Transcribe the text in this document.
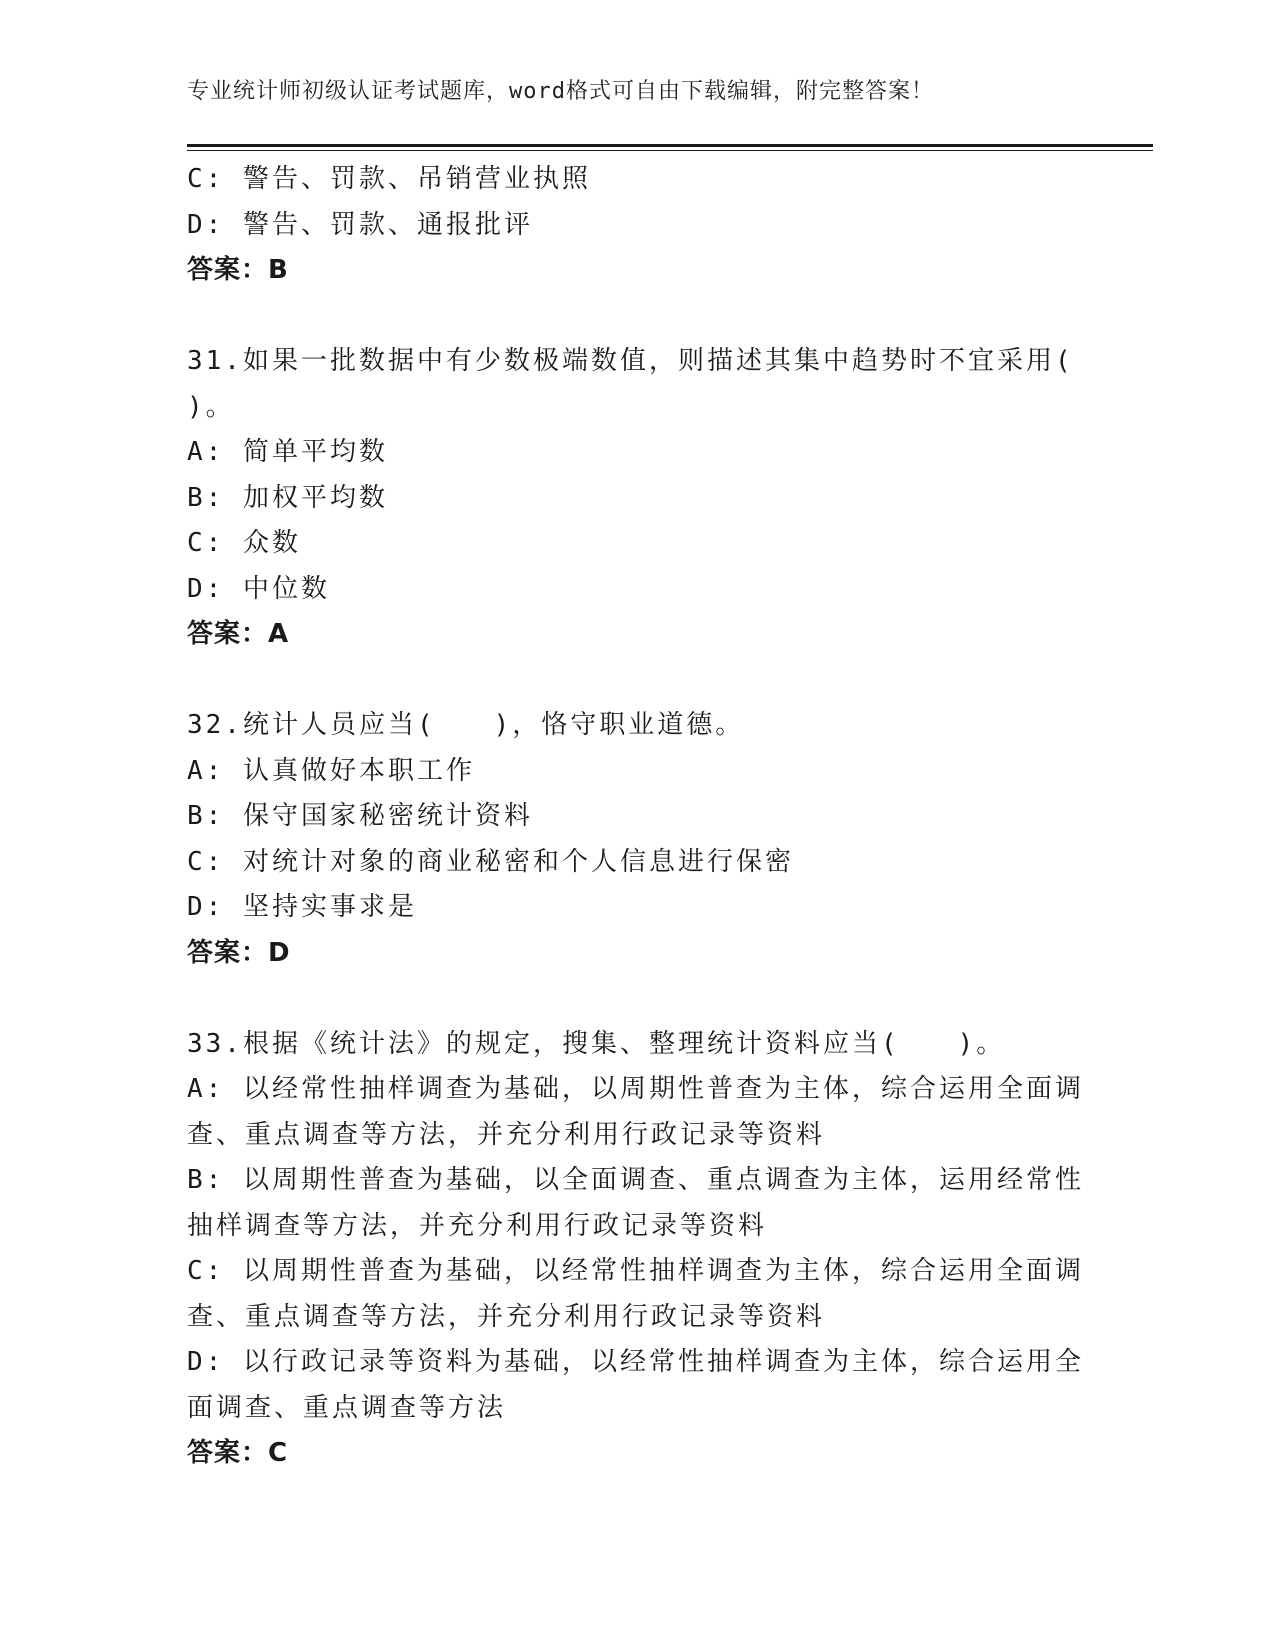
专业统计师初级认证考试题库，word格式可自由下载编辑，附完整答案！
C: 警告、罚款、吊销营业执照
D: 警告、罚款、通报批评
答案：B
31.如果一批数据中有少数极端数值，则描述其集中趋势时不宜采用( )。
A: 简单平均数
B: 加权平均数
C: 众数
D: 中位数
答案：A
32.统计人员应当(　　)，恪守职业道德。
A: 认真做好本职工作
B: 保守国家秘密统计资料
C: 对统计对象的商业秘密和个人信息进行保密
D: 坚持实事求是
答案：D
33.根据《统计法》的规定，搜集、整理统计资料应当(　　)。
A: 以经常性抽样调查为基础，以周期性普查为主体，综合运用全面调查、重点调查等方法，并充分利用行政记录等资料
B: 以周期性普查为基础，以全面调查、重点调查为主体，运用经常性抽样调查等方法，并充分利用行政记录等资料
C: 以周期性普查为基础，以经常性抽样调查为主体，综合运用全面调查、重点调查等方法，并充分利用行政记录等资料
D: 以行政记录等资料为基础，以经常性抽样调查为主体，综合运用全面调查、重点调查等方法
答案：C
